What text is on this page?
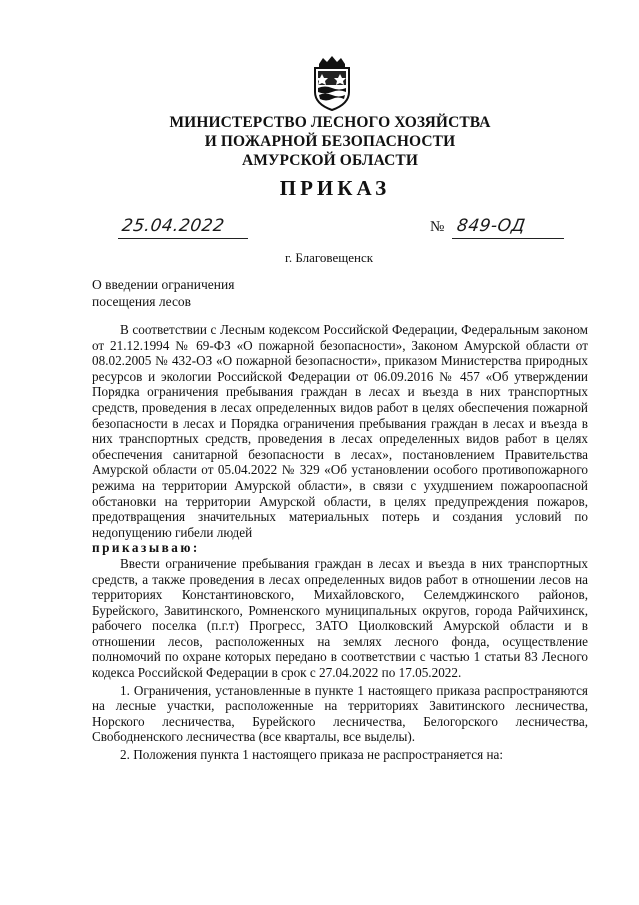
МИНИСТЕРСТВО ЛЕСНОГО ХОЗЯЙСТВА
И ПОЖАРНОЙ БЕЗОПАСНОСТИ
АМУРСКОЙ ОБЛАСТИ
ПРИКАЗ
25.04.2022	№ 849-ОД
г. Благовещенск
О введении ограничения
посещения лесов

В соответствии с Лесным кодексом Российской Федерации, Федеральным законом от 21.12.1994 № 69-ФЗ «О пожарной безопасности», Законом Амурской области от 08.02.2005 № 432-ОЗ «О пожарной безопасности», приказом Министерства природных ресурсов и экологии Российской Федерации от 06.09.2016 № 457 «Об утверждении Порядка ограничения пребывания граждан в лесах и въезда в них транспортных средств, проведения в лесах определенных видов работ в целях обеспечения пожарной безопасности в лесах и Порядка ограничения пребывания граждан в лесах и въезда в них транспортных средств, проведения в лесах определенных видов работ в целях обеспечения санитарной безопасности в лесах», постановлением Правительства Амурской области от 05.04.2022 № 329 «Об установлении особого противопожарного режима на территории Амурской области», в связи с ухудшением пожароопасной обстановки на территории Амурской области, в целях предупреждения пожаров, предотвращения значительных материальных потерь и создания условий по недопущению гибели людей

приказываю:

Ввести ограничение пребывания граждан в лесах и въезда в них транспортных средств, а также проведения в лесах определенных видов работ в отношении лесов на территориях Константиновского, Михайловского, Селемджинского районов, Бурейского, Завитинского, Ромненского муниципальных округов, города Райчихинск, рабочего поселка (п.г.т) Прогресс, ЗАТО Циолковский Амурской области и в отношении лесов, расположенных на землях лесного фонда, осуществление полномочий по охране которых передано в соответствии с частью 1 статьи 83 Лесного кодекса Российской Федерации в срок с 27.04.2022 по 17.05.2022.

1. Ограничения, установленные в пункте 1 настоящего приказа распространяются на лесные участки, расположенные на территориях Завитинского лесничества, Норского лесничества, Бурейского лесничества, Белогорского лесничества, Свободненского лесничества (все кварталы, все выделы).

2. Положения пункта 1 настоящего приказа не распространяется на:
